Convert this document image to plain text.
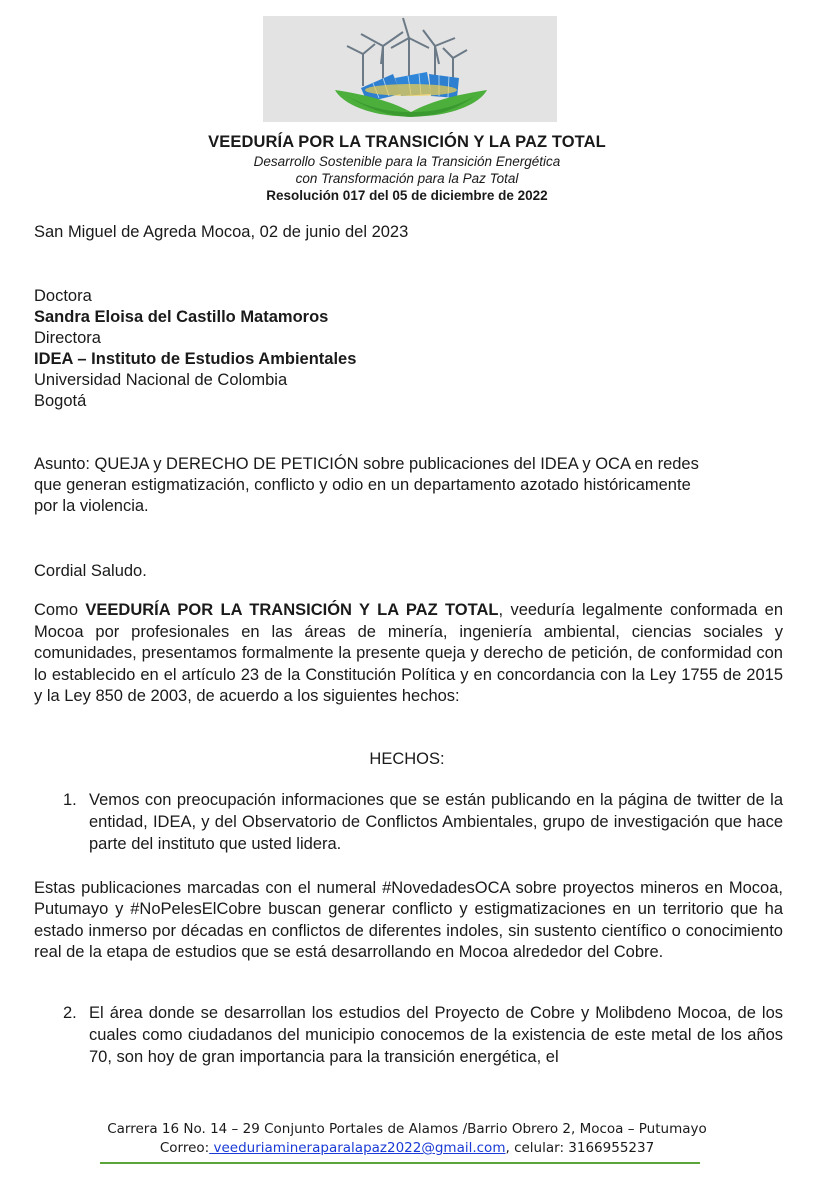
VEEDURÍA POR LA TRANSICIÓN Y LA PAZ TOTAL
Desarrollo Sostenible para la Transición Energética
con Transformación para la Paz Total
Resolución 017 del 05 de diciembre de 2022
San Miguel de Agreda Mocoa, 02 de junio del 2023
Doctora
Sandra Eloisa del Castillo Matamoros
Directora
IDEA – Instituto de Estudios Ambientales
Universidad Nacional de Colombia
Bogotá
Asunto: QUEJA y DERECHO DE PETICIÓN sobre publicaciones del IDEA y OCA en redes
que generan estigmatización, conflicto y odio en un departamento azotado históricamente
por la violencia.
Cordial Saludo.
Como VEEDURÍA POR LA TRANSICIÓN Y LA PAZ TOTAL, veeduría legalmente conformada en Mocoa por profesionales en las áreas de minería, ingeniería ambiental, ciencias sociales y comunidades, presentamos formalmente la presente queja y derecho de petición, de conformidad con lo establecido en el artículo 23 de la Constitución Política y en concordancia con la Ley 1755 de 2015 y la Ley 850 de 2003, de acuerdo a los siguientes hechos:
HECHOS:
1. Vemos con preocupación informaciones que se están publicando en la página de twitter de la entidad, IDEA, y del Observatorio de Conflictos Ambientales, grupo de investigación que hace parte del instituto que usted lidera.
Estas publicaciones marcadas con el numeral #NovedadesOCA sobre proyectos mineros en Mocoa, Putumayo y #NoPelesElCobre buscan generar conflicto y estigmatizaciones en un territorio que ha estado inmerso por décadas en conflictos de diferentes indoles, sin sustento científico o conocimiento real de la etapa de estudios que se está desarrollando en Mocoa alrededor del Cobre.
2. El área donde se desarrollan los estudios del Proyecto de Cobre y Molibdeno Mocoa, de los cuales como ciudadanos del municipio conocemos de la existencia de este metal de los años 70, son hoy de gran importancia para la transición energética, el
Carrera 16 No. 14 – 29 Conjunto Portales de Alamos /Barrio Obrero 2, Mocoa – Putumayo
Correo: veeduriamineraparalapaz2022@gmail.com, celular: 3166955237
